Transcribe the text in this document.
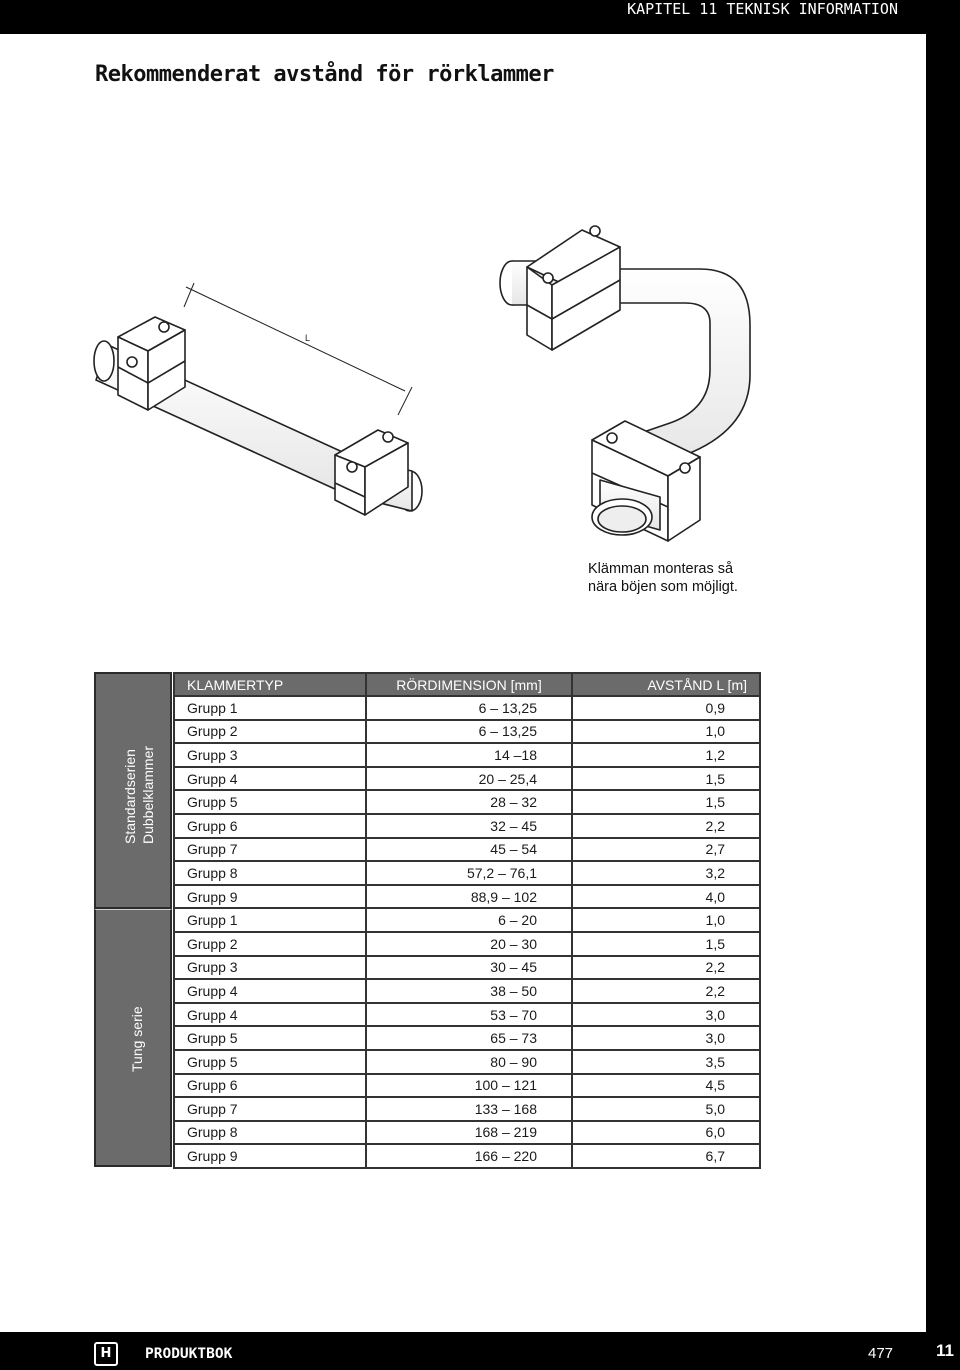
KAPITEL 11 TEKNISK INFORMATION
Rekommenderat avstånd för rörklammer
L
Klämman monteras så
nära böjen som möjligt.
Standardserien Dubbelklammer
Tung serie
KLAMMERTYP	RÖRDIMENSION [mm]	AVSTÅND L [m]
Grupp 1	6 – 13,25	0,9
Grupp 2	6 – 13,25	1,0
Grupp 3	14 –18	1,2
Grupp 4	20 – 25,4	1,5
Grupp 5	28 – 32	1,5
Grupp 6	32 – 45	2,2
Grupp 7	45 – 54	2,7
Grupp 8	57,2 – 76,1	3,2
Grupp 9	88,9 – 102	4,0
Grupp 1	6 – 20	1,0
Grupp 2	20 – 30	1,5
Grupp 3	30 – 45	2,2
Grupp 4	38 – 50	2,2
Grupp 4	53 – 70	3,0
Grupp 5	65 – 73	3,0
Grupp 5	80 – 90	3,5
Grupp 6	100 – 121	4,5
Grupp 7	133 – 168	5,0
Grupp 8	168 – 219	6,0
Grupp 9	166 – 220	6,7
H	PRODUKTBOK	477	11
